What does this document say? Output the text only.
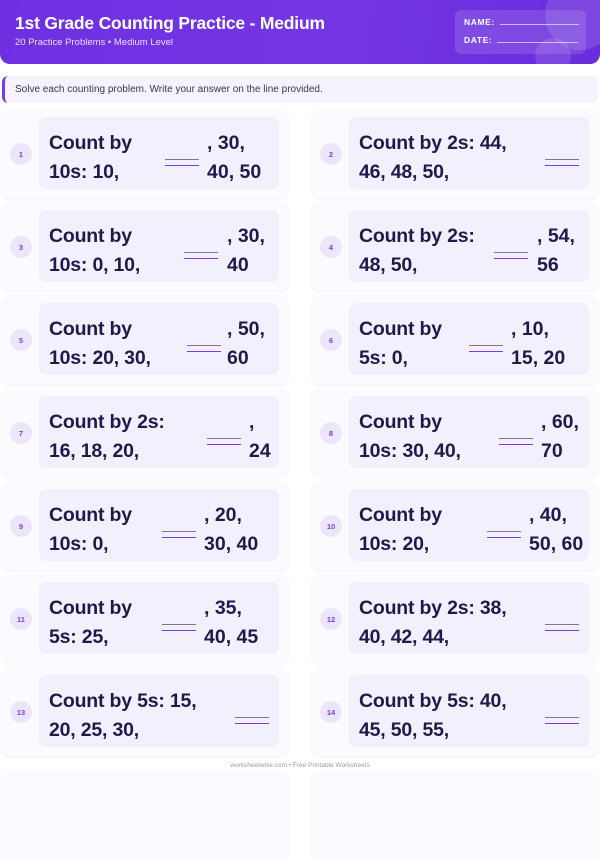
1st Grade Counting Practice - Medium
20 Practice Problems • Medium Level
NAME:
DATE:
Solve each counting problem. Write your answer on the line provided.
1	Count by
10s: 10,
, 30,
40, 50
2	Count by 2s: 44,
46, 48, 50,
3	Count by
10s: 0, 10,
, 30,
40
4	Count by 2s:
48, 50,
, 54,
56
5	Count by
10s: 20, 30,
, 50,
60
6	Count by
5s: 0,
, 10,
15, 20
7	Count by 2s:
16, 18, 20,
,
24
8	Count by
10s: 30, 40,
, 60,
70
9	Count by
10s: 0,
, 20,
30, 40
10	Count by
10s: 20,
, 40,
50, 60
11	Count by
5s: 25,
, 35,
40, 45
12	Count by 2s: 38,
40, 42, 44,
13	Count by 5s: 15,
20, 25, 30,
14	Count by 5s: 40,
45, 50, 55,
worksheetwise.com • Free Printable Worksheets
